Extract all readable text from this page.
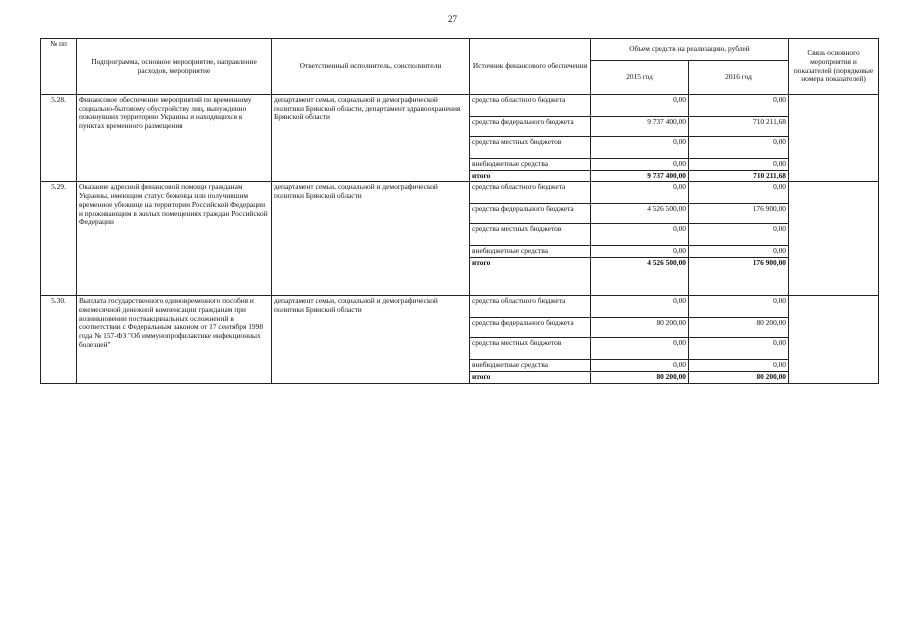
27
№ пп	Подпрограмма, основное мероприятие, направление расходов, мероприятие	Ответственный исполнитель, соисполнители	Источник финансового обеспечения	Объем средств на реализацию, рублей		Связь основного мероприятия и показателей (порядковые номера показателей)
				2015 год	2016 год	
5.28.	Финансовое обеспечение мероприятий по временному социально-бытовому обустройству лиц, вынужденно покинувших территорию Украины и находящихся в пунктах временного размещения	департамент семьи, социальной и демографической политики Брянской области, департамент здравоохранения Брянской области	средства областного бюджета	0,00	0,00	
			средства федерального бюджета	9 737 400,00	710 211,68	
			средства местных бюджетов	0,00	0,00	
			внебюджетные средства	0,00	0,00	
			итого	9 737 400,00	710 211,68	
5.29.	Оказание адресной финансовой помощи гражданам Украины, имеющим статус беженца или получившим временное убежище на территории Российской Федерации и проживающим в жилых помещениях граждан Российской Федерации	департамент семьи, социальной и демографической политики Брянской области	средства областного бюджета	0,00	0,00	
			средства федерального бюджета	4 526 500,00	176 900,00	
			средства местных бюджетов	0,00	0,00	
			внебюджетные средства	0,00	0,00	
			итого	4 526 500,00	176 900,00	
5.30.	Выплата государственного единовременного пособия и ежемесячной денежной компенсации гражданам при возникновении поствакцинальных осложнений в соответствии с Федеральным законом от 17 сентября 1998 года № 157-ФЗ "Об иммунопрофилактике инфекционных болезней"	департамент семьи, социальной и демографической политики Брянской области	средства областного бюджета	0,00	0,00	
			средства федерального бюджета	80 200,00	80 200,00	
			средства местных бюджетов	0,00	0,00	
			внебюджетные средства	0,00	0,00	
			итого	80 200,00	80 200,00	
